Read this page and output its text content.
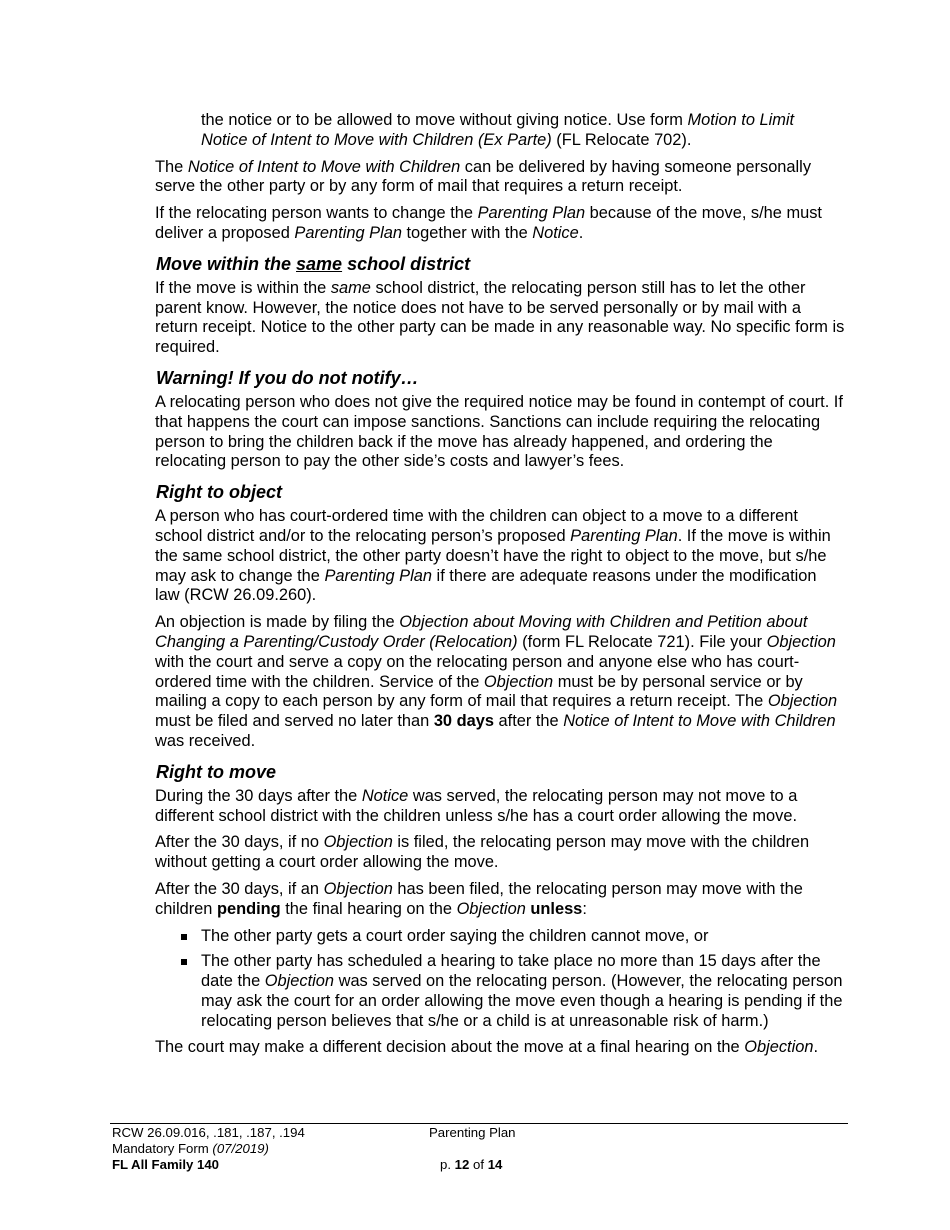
the notice or to be allowed to move without giving notice. Use form Motion to Limit Notice of Intent to Move with Children (Ex Parte) (FL Relocate 702).

The Notice of Intent to Move with Children can be delivered by having someone personally serve the other party or by any form of mail that requires a return receipt.

If the relocating person wants to change the Parenting Plan because of the move, s/he must deliver a proposed Parenting Plan together with the Notice.

Move within the same school district

If the move is within the same school district, the relocating person still has to let the other parent know. However, the notice does not have to be served personally or by mail with a return receipt. Notice to the other party can be made in any reasonable way. No specific form is required.

Warning! If you do not notify…

A relocating person who does not give the required notice may be found in contempt of court. If that happens the court can impose sanctions. Sanctions can include requiring the relocating person to bring the children back if the move has already happened, and ordering the relocating person to pay the other side’s costs and lawyer’s fees.

Right to object

A person who has court-ordered time with the children can object to a move to a different school district and/or to the relocating person’s proposed Parenting Plan. If the move is within the same school district, the other party doesn’t have the right to object to the move, but s/he may ask to change the Parenting Plan if there are adequate reasons under the modification law (RCW 26.09.260).

An objection is made by filing the Objection about Moving with Children and Petition about Changing a Parenting/Custody Order (Relocation) (form FL Relocate 721). File your Objection with the court and serve a copy on the relocating person and anyone else who has court-ordered time with the children. Service of the Objection must be by personal service or by mailing a copy to each person by any form of mail that requires a return receipt. The Objection must be filed and served no later than 30 days after the Notice of Intent to Move with Children was received.

Right to move

During the 30 days after the Notice was served, the relocating person may not move to a different school district with the children unless s/he has a court order allowing the move.

After the 30 days, if no Objection is filed, the relocating person may move with the children without getting a court order allowing the move.

After the 30 days, if an Objection has been filed, the relocating person may move with the children pending the final hearing on the Objection unless:

The other party gets a court order saying the children cannot move, or
The other party has scheduled a hearing to take place no more than 15 days after the date the Objection was served on the relocating person. (However, the relocating person may ask the court for an order allowing the move even though a hearing is pending if the relocating person believes that s/he or a child is at unreasonable risk of harm.)

The court may make a different decision about the move at a final hearing on the Objection.

RCW 26.09.016, .181, .187, .194
Mandatory Form (07/2019)
FL All Family 140
Parenting Plan
p. 12 of 14
